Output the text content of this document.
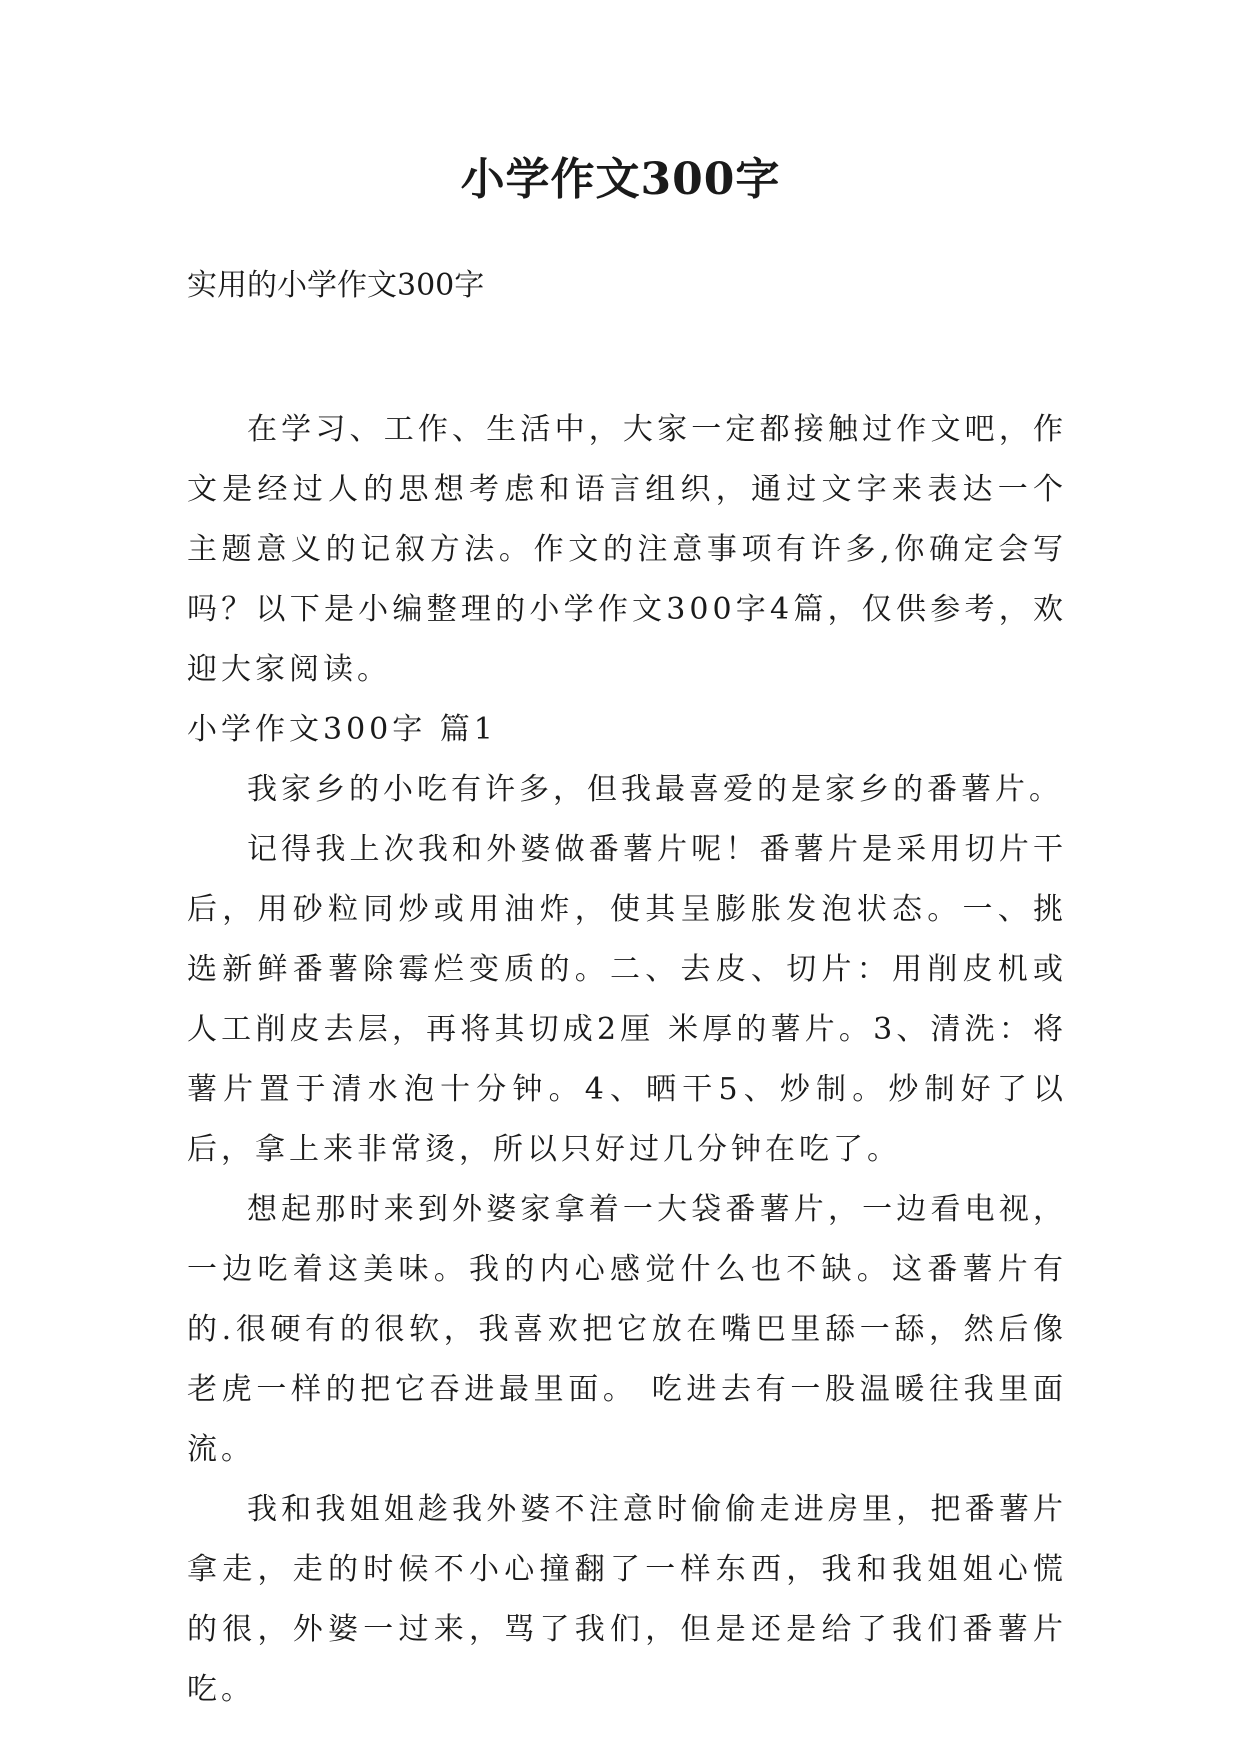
小学作文300字
实用的小学作文300字

在学习、工作、生活中，大家一定都接触过作文吧，作文是经过人的思想考虑和语言组织，通过文字来表达一个主题意义的记叙方法。作文的注意事项有许多,你确定会写吗？以下是小编整理的小学作文300字4篇，仅供参考，欢迎大家阅读。

小学作文300字 篇1

我家乡的小吃有许多，但我最喜爱的是家乡的番薯片。

记得我上次我和外婆做番薯片呢！番薯片是采用切片干后，用砂粒同炒或用油炸，使其呈膨胀发泡状态。一、挑选新鲜番薯除霉烂变质的。二、去皮、切片：用削皮机或人工削皮去层，再将其切成2厘 米厚的薯片。3、清洗：将薯片置于清水泡十分钟。4、晒干5、炒制。炒制好了以后，拿上来非常烫，所以只好过几分钟在吃了。

想起那时来到外婆家拿着一大袋番薯片，一边看电视，一边吃着这美味。我的内心感觉什么也不缺。这番薯片有的.很硬有的很软，我喜欢把它放在嘴巴里舔一舔，然后像老虎一样的把它吞进最里面。 吃进去有一股温暖往我里面流。

我和我姐姐趁我外婆不注意时偷偷走进房里，把番薯片拿走，走的时候不小心撞翻了一样东西，我和我姐姐心慌的很，外婆一过来，骂了我们，但是还是给了我们番薯片吃。
